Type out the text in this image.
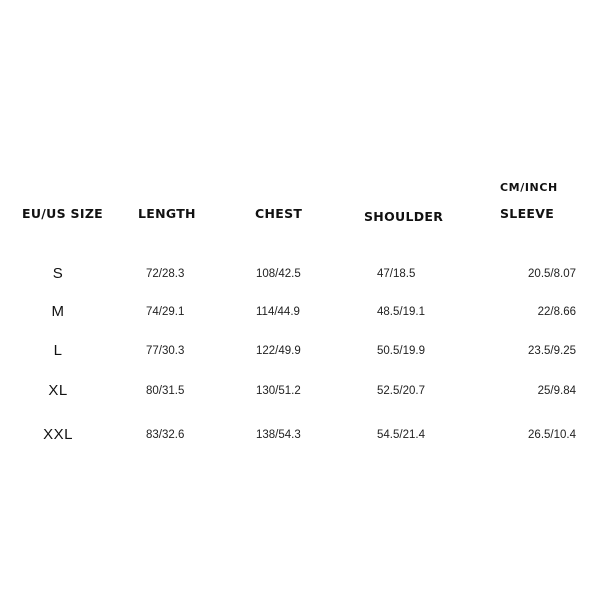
CM/INCH
EU/US SIZE	LENGTH	CHEST	SHOULDER	SLEEVE
S	72/28.3	108/42.5	47/18.5	20.5/8.07
M	74/29.1	114/44.9	48.5/19.1	22/8.66
L	77/30.3	122/49.9	50.5/19.9	23.5/9.25
XL	80/31.5	130/51.2	52.5/20.7	25/9.84
XXL	83/32.6	138/54.3	54.5/21.4	26.5/10.4
